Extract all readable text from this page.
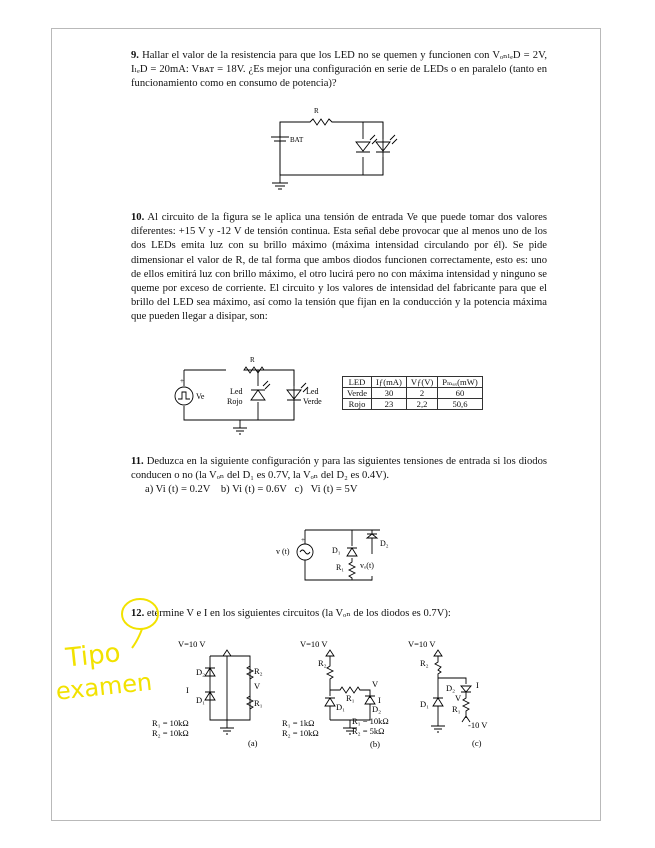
9. Hallar el valor de la resistencia para que los LED no se quemen y funcionen con VₒₙₗₑD = 2V, IₗₑD = 20mA: Vʙᴀᴛ = 18V. ¿Es mejor una configuración en serie de LEDs o en paralelo (tanto en funcionamiento como en consumo de potencia)?
R
BAT
10. Al circuito de la figura se le aplica una tensión de entrada Ve que puede tomar dos valores diferentes: +15 V y -12 V de tensión continua. Esta señal debe provocar que al menos uno de los dos LEDs emita luz con su brillo máximo (máxima intensidad circulando por él). Se pide dimensionar el valor de R, de tal forma que ambos diodos funcionen correctamente, esto es: uno de ellos emitirá luz con brillo máximo, el otro lucirá pero no con máxima intensidad y ninguno se queme por exceso de corriente. El circuito y los valores de intensidad del fabricante para que el brillo del LED sea máximo, así como la tensión que fijan en la conducción y la potencia máxima que pueden llegar a disipar, son:
+
Ve
R
Led
Rojo
Led
Verde
LED	Iƒ(mA)	Vƒ(V)	Pₘₐₓ(mW)
Verde	30	2	60
Rojo	23	2,2	50,6
11. Deduzca en la siguiente configuración y para las siguientes tensiones de entrada si los diodos conducen o no (la Vₒₙ del D₁ es 0.7V, la Vₒₙ del D₂ es 0.4V).
a) Vi (t) = 0.2V    b) Vi (t) = 0.6V   c)   Vi (t) = 5V
+
v (t)	D₁
D₂
R₁ vₒ(t)
-
12. etermine V e I en los siguientes circuitos (la Vₒₙ de los diodos es 0.7V):
V=10 V
D₂	R₂
V
I
D₁	R₁
R₁ = 10kΩ
R₂ = 10kΩ
(a)
V=10 V
R₂
V
R₁	I
D₁	D₂
R₁ = 1kΩ
R₂ = 10kΩ
R₁ = 10kΩ
R₂ = 5kΩ
(b)
V=10 V
R₂
D₂ I
V
D₁	R₁
-10 V
(c)
Tipo
examen
